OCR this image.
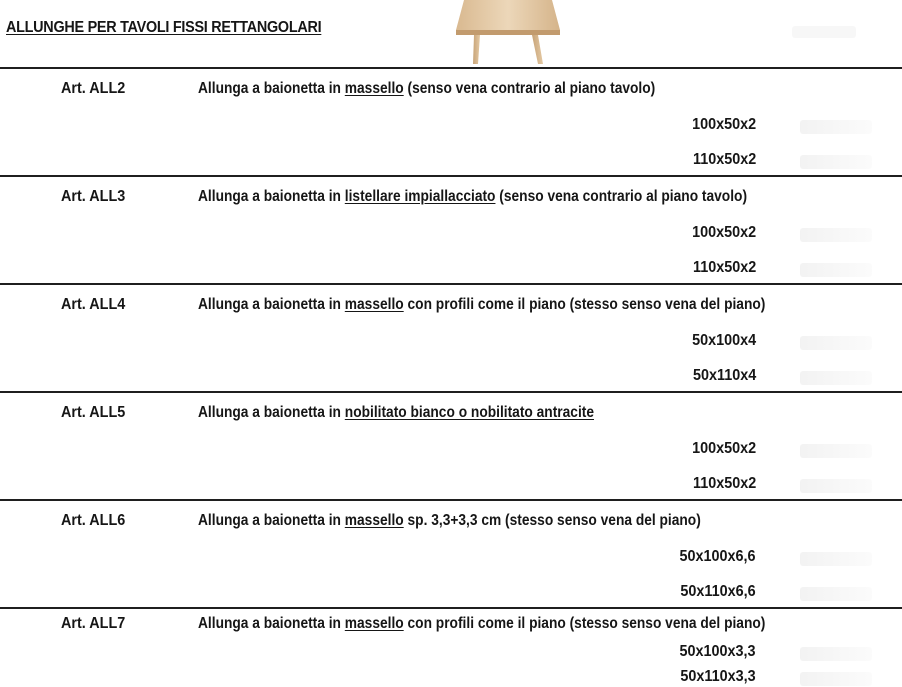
ALLUNGHE PER TAVOLI FISSI RETTANGOLARI
Art. ALL2	Allunga a baionetta in massello (senso vena contrario al piano tavolo)
100x50x2
110x50x2
Art. ALL3	Allunga a baionetta in listellare impiallacciato (senso vena contrario al piano tavolo)
100x50x2
110x50x2
Art. ALL4	Allunga a baionetta in massello con profili come il piano (stesso senso vena del piano)
50x100x4
50x110x4
Art. ALL5	Allunga a baionetta in nobilitato bianco o nobilitato antracite
100x50x2
110x50x2
Art. ALL6	Allunga a baionetta in massello sp. 3,3+3,3 cm (stesso senso vena del piano)
50x100x6,6
50x110x6,6
Art. ALL7	Allunga a baionetta in massello con profili come il piano (stesso senso vena del piano)
50x100x3,3
50x110x3,3
